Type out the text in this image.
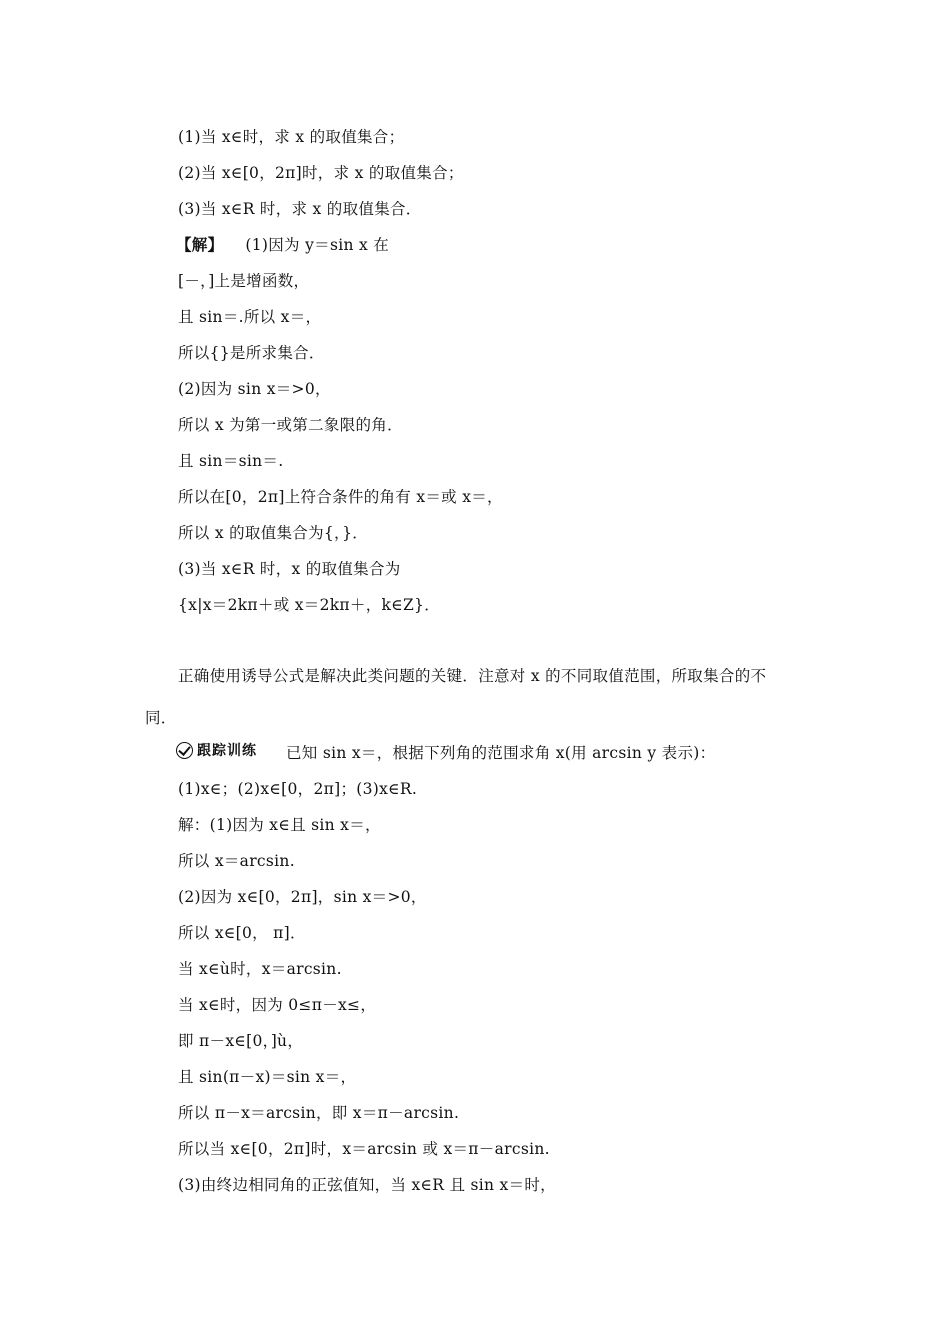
(1)当 x∈时，求 x 的取值集合；
(2)当 x∈[0，2π]时，求 x 的取值集合；
(3)当 x∈R 时，求 x 的取值集合．
【解】 (1)因为 y＝sin x 在
[－，]上是增函数，
且 sin＝.所以 x＝，
所以{}是所求集合．
(2)因为 sin x＝>0，
所以 x 为第一或第二象限的角．
且 sin＝sin＝.
所以在[0，2π]上符合条件的角有 x＝或 x＝，
所以 x 的取值集合为{，}．
(3)当 x∈R 时，x 的取值集合为
{x|x＝2kπ＋或 x＝2kπ＋，k∈Z}．
正确使用诱导公式是解决此类问题的关键．注意对 x 的不同取值范围，所取集合的不
同．
跟踪训练 已知 sin x＝，根据下列角的范围求角 x(用 arcsin y 表示)：
(1)x∈；(2)x∈[0，2π]；(3)x∈R.
解：(1)因为 x∈且 sin x＝，
所以 x＝arcsin.
(2)因为 x∈[0，2π]，sin x＝>0，
所以 x∈[0， π]．
当 x∈ù时，x＝arcsin.
当 x∈时，因为 0≤π－x≤，
即 π－x∈[0，]ù，
且 sin(π－x)＝sin x＝，
所以 π－x＝arcsin，即 x＝π－arcsin.
所以当 x∈[0，2π]时，x＝arcsin 或 x＝π－arcsin.
(3)由终边相同角的正弦值知，当 x∈R 且 sin x＝时，
